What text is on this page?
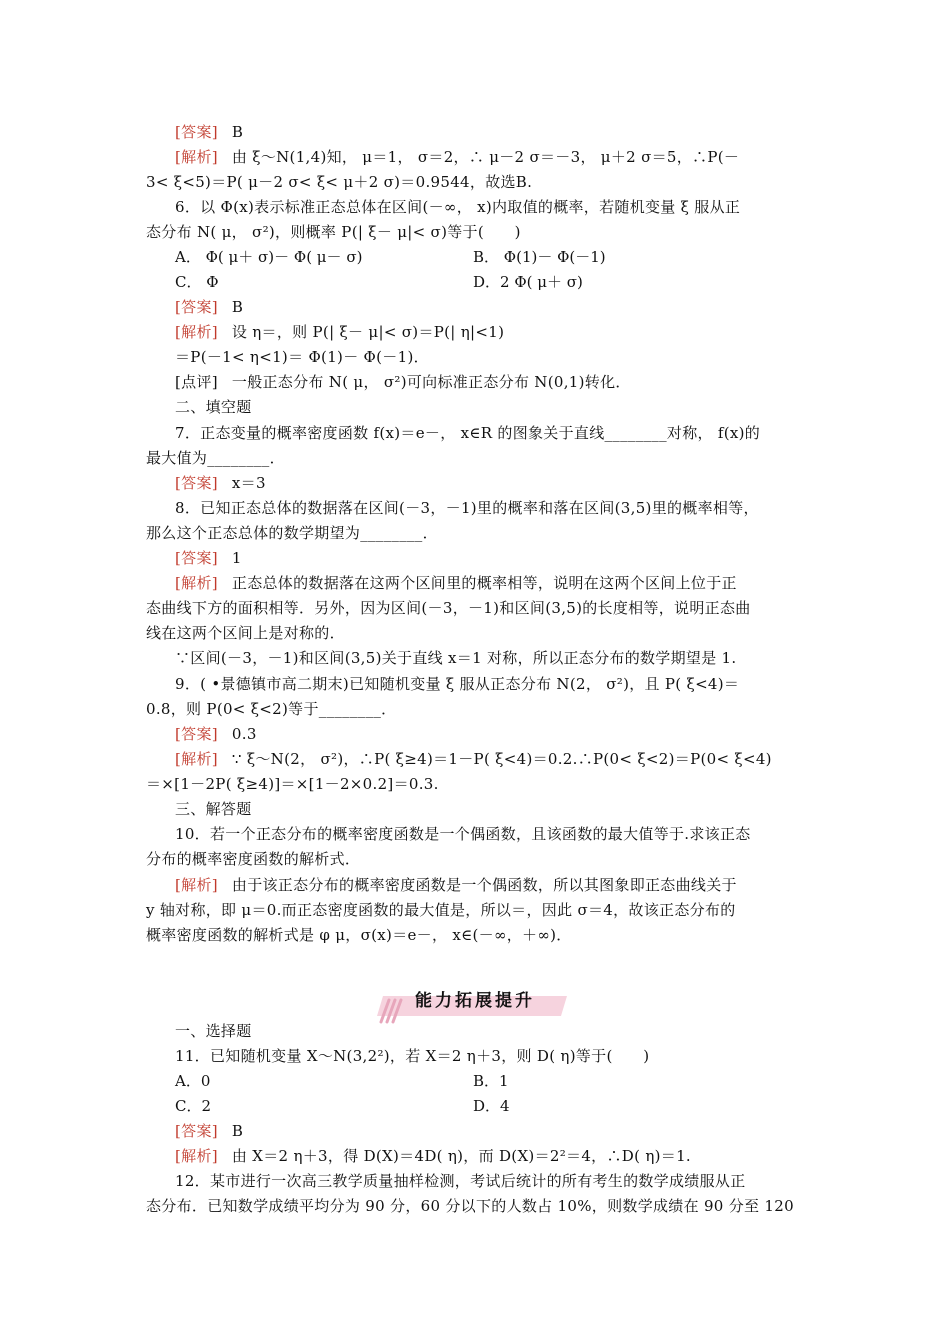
[答案] B
[解析] 由 ξ～N(1,4)知， μ＝1， σ＝2，∴ μ－2 σ＝－3， μ＋2 σ＝5，∴P(－
3< ξ<5)＝P( μ－2 σ< ξ< μ＋2 σ)＝0.9544，故选B.
6．以 Φ(x)表示标准正态总体在区间(－∞， x)内取值的概率，若随机变量 ξ 服从正
态分布 N( μ， σ²)，则概率 P(| ξ－ μ|< σ)等于(　　)
A． Φ( μ＋ σ)－ Φ( μ－ σ)	B． Φ(1)－ Φ(－1)
C． Φ	D．2 Φ( μ＋ σ)
[答案] B
[解析] 设 η＝，则 P(| ξ－ μ|< σ)＝P(| η|<1)
＝P(－1< η<1)＝ Φ(1)－ Φ(－1)．
[点评] 一般正态分布 N( μ， σ²)可向标准正态分布 N(0,1)转化．
二、填空题
7．正态变量的概率密度函数 f(x)＝e－， x∈R 的图象关于直线________对称， f(x)的
最大值为________．
[答案] x＝3
8．已知正态总体的数据落在区间(－3，－1)里的概率和落在区间(3,5)里的概率相等，
那么这个正态总体的数学期望为________．
[答案] 1
[解析] 正态总体的数据落在这两个区间里的概率相等，说明在这两个区间上位于正
态曲线下方的面积相等．另外，因为区间(－3，－1)和区间(3,5)的长度相等，说明正态曲
线在这两个区间上是对称的．
∵区间(－3，－1)和区间(3,5)关于直线 x＝1 对称，所以正态分布的数学期望是 1.
9．( •景德镇市高二期末)已知随机变量 ξ 服从正态分布 N(2， σ²)，且 P( ξ<4)＝
0.8，则 P(0< ξ<2)等于________．
[答案] 0.3
[解析] ∵ ξ～N(2， σ²)，∴P( ξ≥4)＝1－P( ξ<4)＝0.2.∴P(0< ξ<2)＝P(0< ξ<4)
＝×[1－2P( ξ≥4)]＝×[1－2×0.2]＝0.3.
三、解答题
10．若一个正态分布的概率密度函数是一个偶函数，且该函数的最大值等于.求该正态
分布的概率密度函数的解析式．
[解析] 由于该正态分布的概率密度函数是一个偶函数，所以其图象即正态曲线关于
y 轴对称，即 μ＝0.而正态密度函数的最大值是，所以＝，因此 σ＝4，故该正态分布的
概率密度函数的解析式是 φ μ，σ(x)＝e－， x∈(－∞，＋∞)．
能力拓展提升
一、选择题
11．已知随机变量 X～N(3,2²)，若 X＝2 η＋3，则 D( η)等于(　　)
A．0	B．1
C．2	D．4
[答案] B
[解析] 由 X＝2 η＋3，得 D(X)＝4D( η)，而 D(X)＝2²＝4，∴D( η)＝1.
12．某市进行一次高三教学质量抽样检测，考试后统计的所有考生的数学成绩服从正
态分布．已知数学成绩平均分为 90 分，60 分以下的人数占 10%，则数学成绩在 90 分至 120
